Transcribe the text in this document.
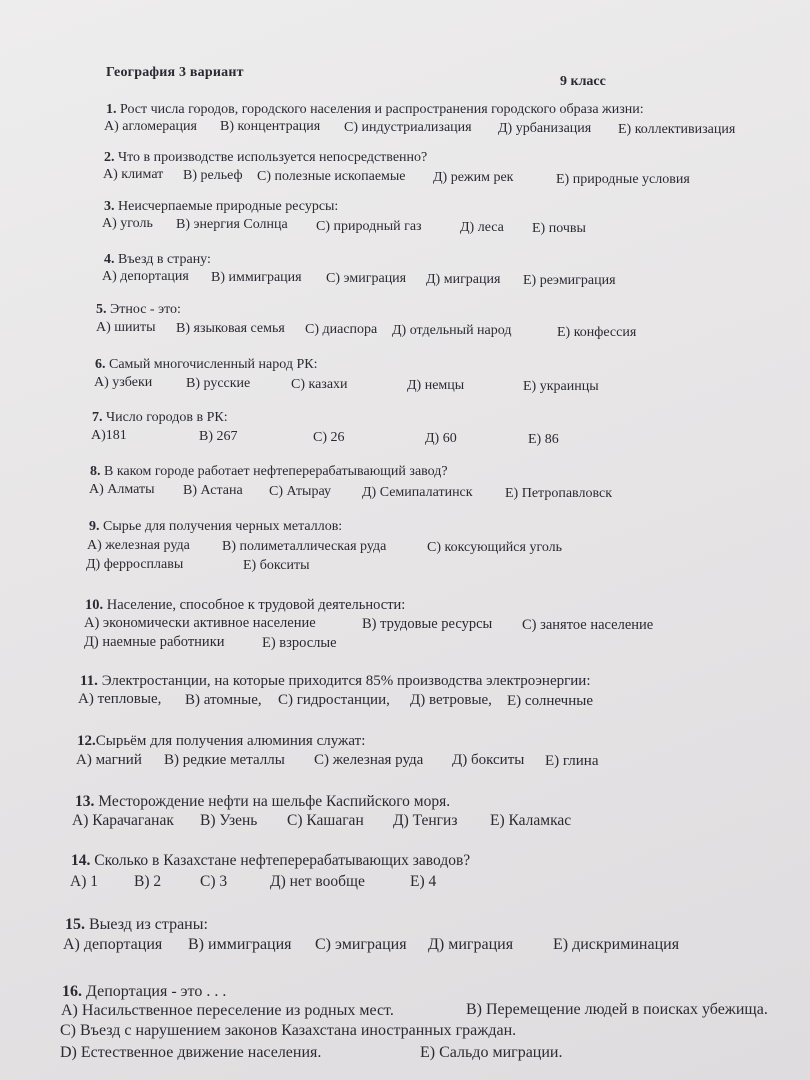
География 3 вариант
9 класс
1. Рост числа городов, городского населения и распространения городского образа жизни:
А) агломерация В) концентрация С) индустриализация Д) урбанизация Е) коллективизация
2. Что в производстве используется непосредственно?
А) климат В) рельеф С) полезные ископаемые Д) режим рек	Е) природные условия
3. Неисчерпаемые природные ресурсы:
А) уголь В) энергия Солнца С) природный газ	Д) леса Е) почвы
4. Въезд в страну:
А) депортация В) иммиграция С) эмиграция Д) миграция Е) реэмиграция
5. Этнос - это:
А) шииты В) языковая семья С) диаспора Д) отдельный народ	Е) конфессия
6. Самый многочисленный народ РК:
А) узбеки В) русские	С) казахи	Д) немцы	Е) украинцы
7. Число городов в РК:
А)181	В) 267	С) 26	Д) 60	Е) 86
8. В каком городе работает нефтеперерабатывающий завод?
А) Алматы В) Астана С) Атырау Д) Семипалатинск Е) Петропавловск
9. Сырье для получения черных металлов:
А) железная руда В) полиметаллическая руда	С) коксующийся уголь
Д) ферросплавы	Е) бокситы
10. Население, способное к трудовой деятельности:
А) экономически активное население	В) трудовые ресурсы С) занятое население
Д) наемные работники	Е) взрослые
11. Электростанции, на которые приходится 85% производства электроэнергии:
А) тепловые, В) атомные, С) гидростанции, Д) ветровые, Е) солнечные
12.Сырьём для получения алюминия служат:
А) магний В) редкие металлы С) железная руда Д) бокситы Е) глина
13. Месторождение нефти на шельфе Каспийского моря.
А) Карачаганак В) Узень С) Кашаган Д) Тенгиз Е) Каламкас
14. Сколько в Казахстане нефтеперерабатывающих заводов?
А) 1 В) 2	С) 3	Д) нет вообще	Е) 4
15. Выезд из страны:
А) депортация В) иммиграция С) эмиграция Д) миграция Е) дискриминация
16. Депортация - это . . .
А) Насильственное переселение из родных мест.	В) Перемещение людей в поисках убежища.
С) Въезд с нарушением законов Казахстана иностранных граждан.
D) Естественное движение населения.	Е) Сальдо миграции.
